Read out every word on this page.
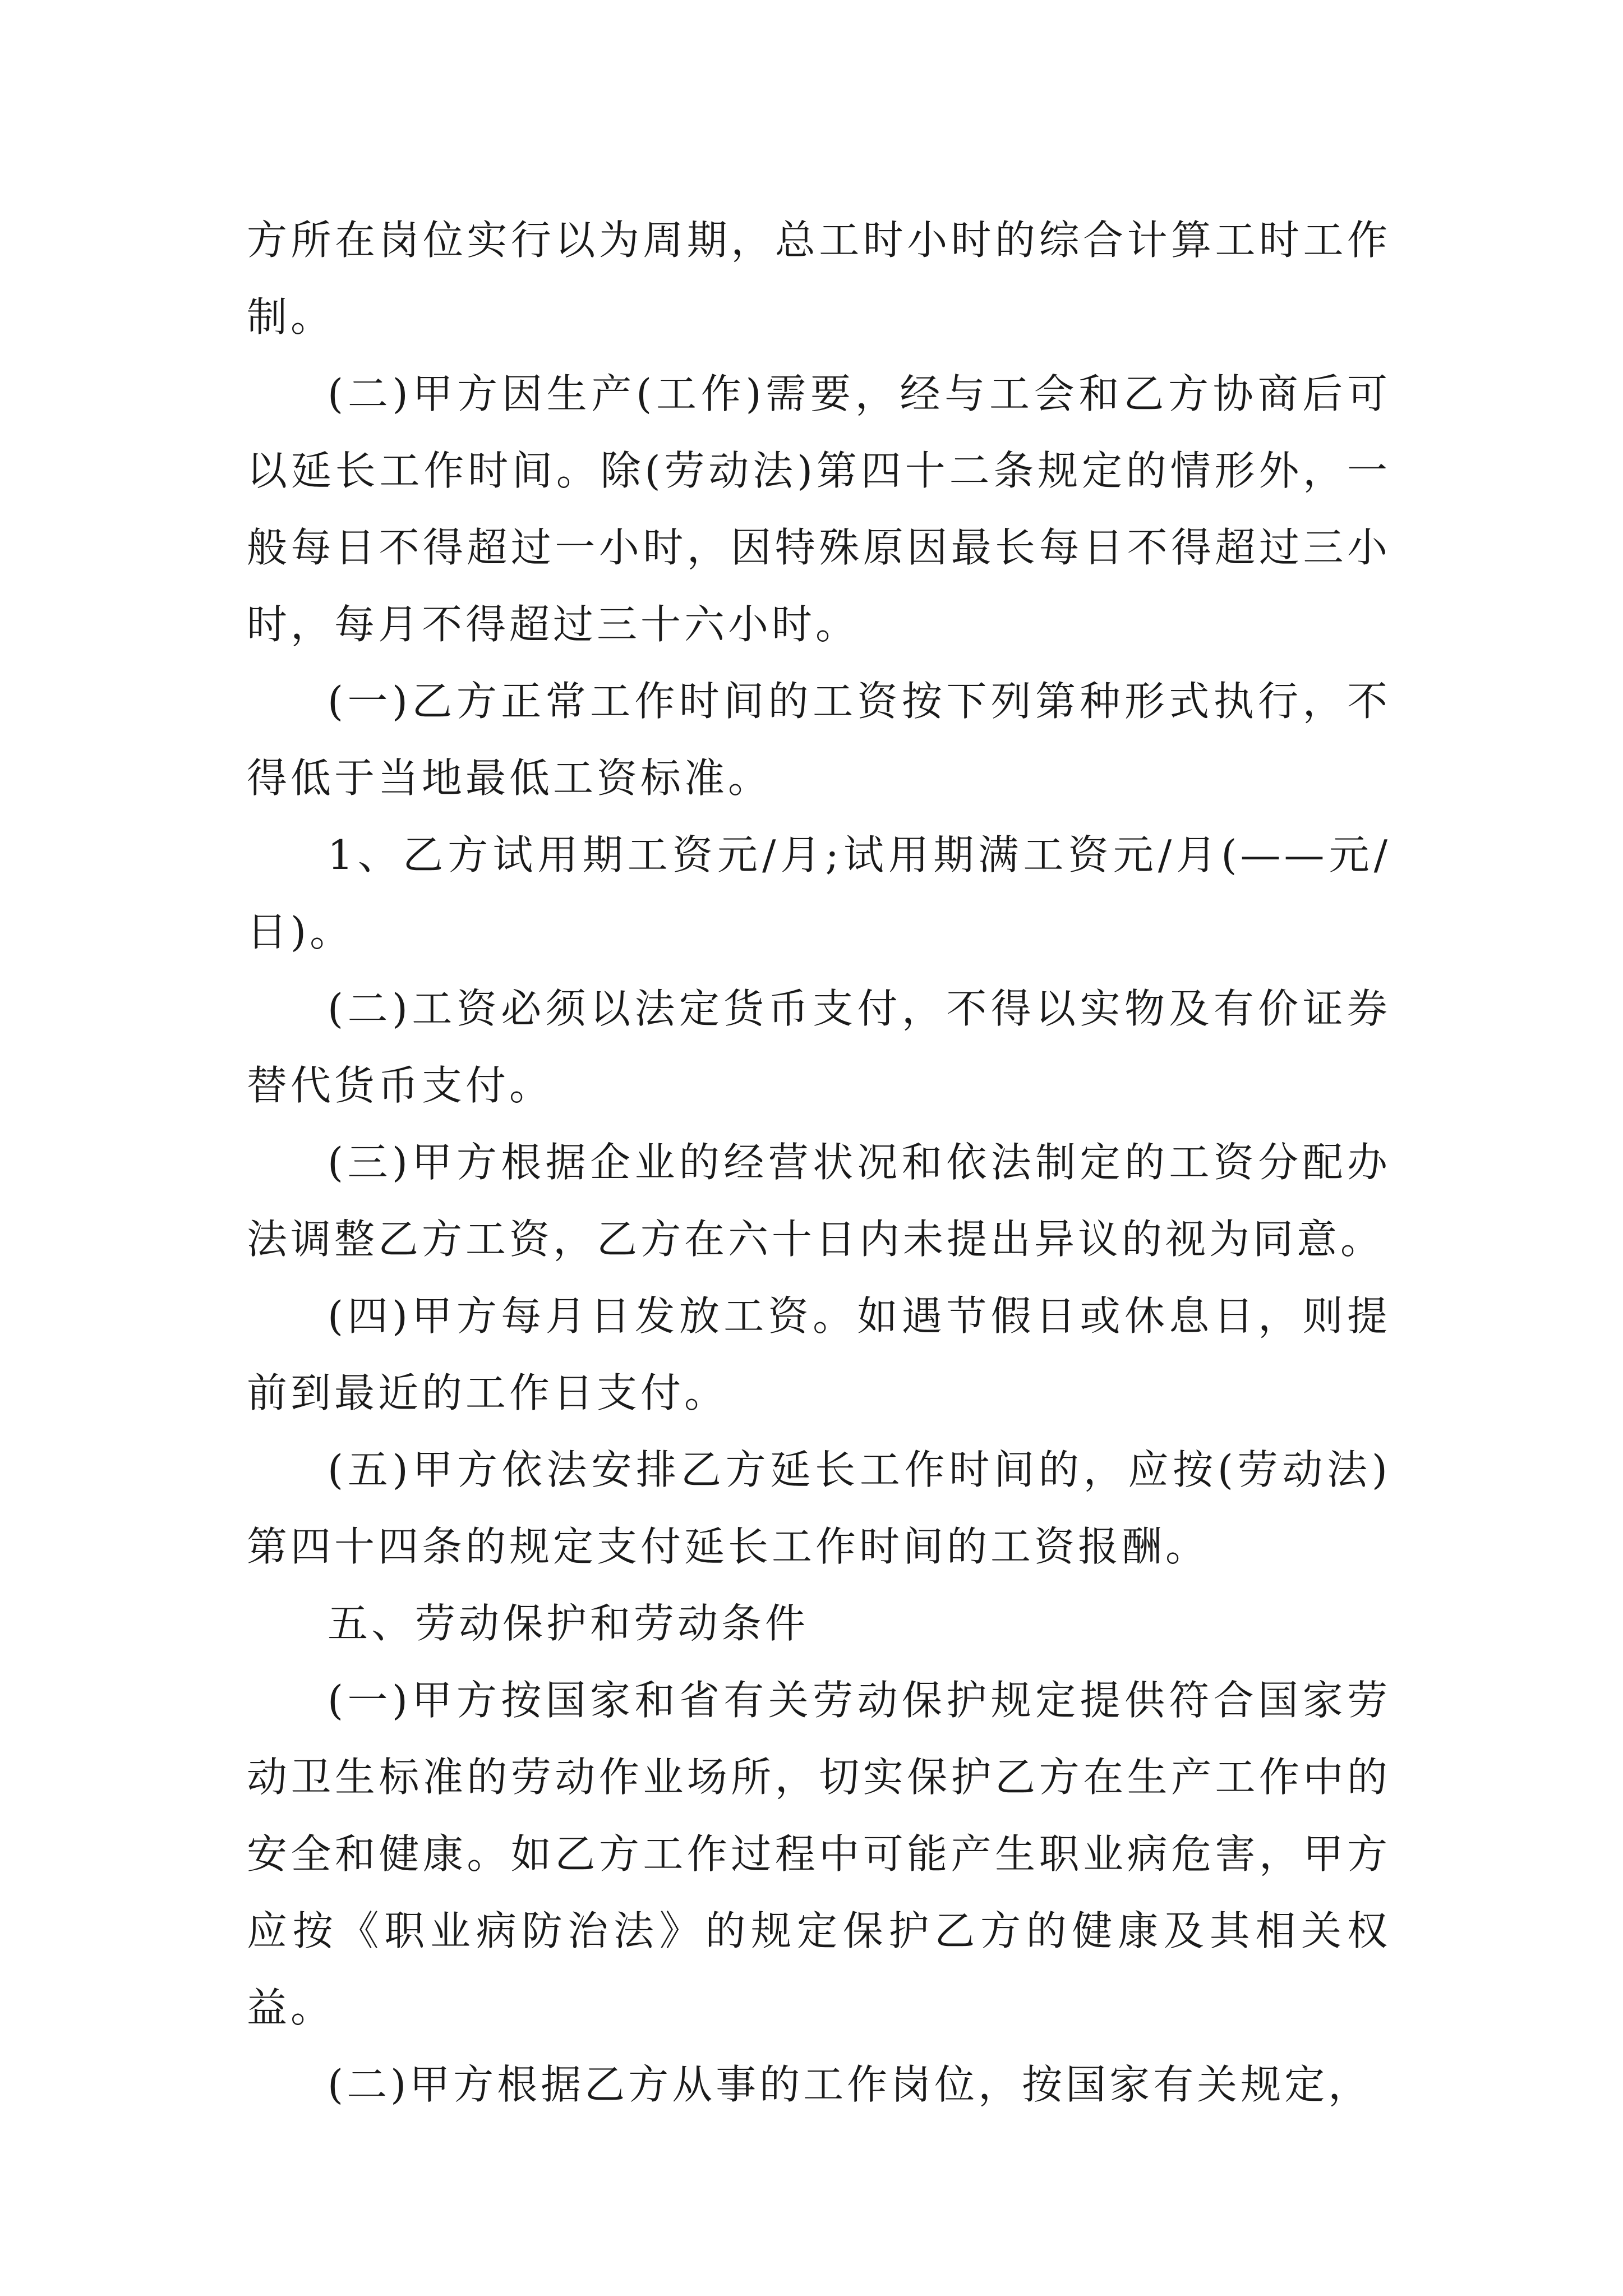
方所在岗位实行以为周期，总工时小时的综合计算工时工作制。

(二)甲方因生产(工作)需要，经与工会和乙方协商后可以延长工作时间。除(劳动法)第四十二条规定的情形外，一般每日不得超过一小时，因特殊原因最长每日不得超过三小时，每月不得超过三十六小时。

(一)乙方正常工作时间的工资按下列第种形式执行，不得低于当地最低工资标准。

1、乙方试用期工资元/月;试用期满工资元/月(——元/日)。

(二)工资必须以法定货币支付，不得以实物及有价证券替代货币支付。

(三)甲方根据企业的经营状况和依法制定的工资分配办法调整乙方工资，乙方在六十日内未提出异议的视为同意。

(四)甲方每月日发放工资。如遇节假日或休息日，则提前到最近的工作日支付。

(五)甲方依法安排乙方延长工作时间的，应按(劳动法)第四十四条的规定支付延长工作时间的工资报酬。

五、劳动保护和劳动条件

(一)甲方按国家和省有关劳动保护规定提供符合国家劳动卫生标准的劳动作业场所，切实保护乙方在生产工作中的安全和健康。如乙方工作过程中可能产生职业病危害，甲方应按《职业病防治法》的规定保护乙方的健康及其相关权益。

(二)甲方根据乙方从事的工作岗位，按国家有关规定，
